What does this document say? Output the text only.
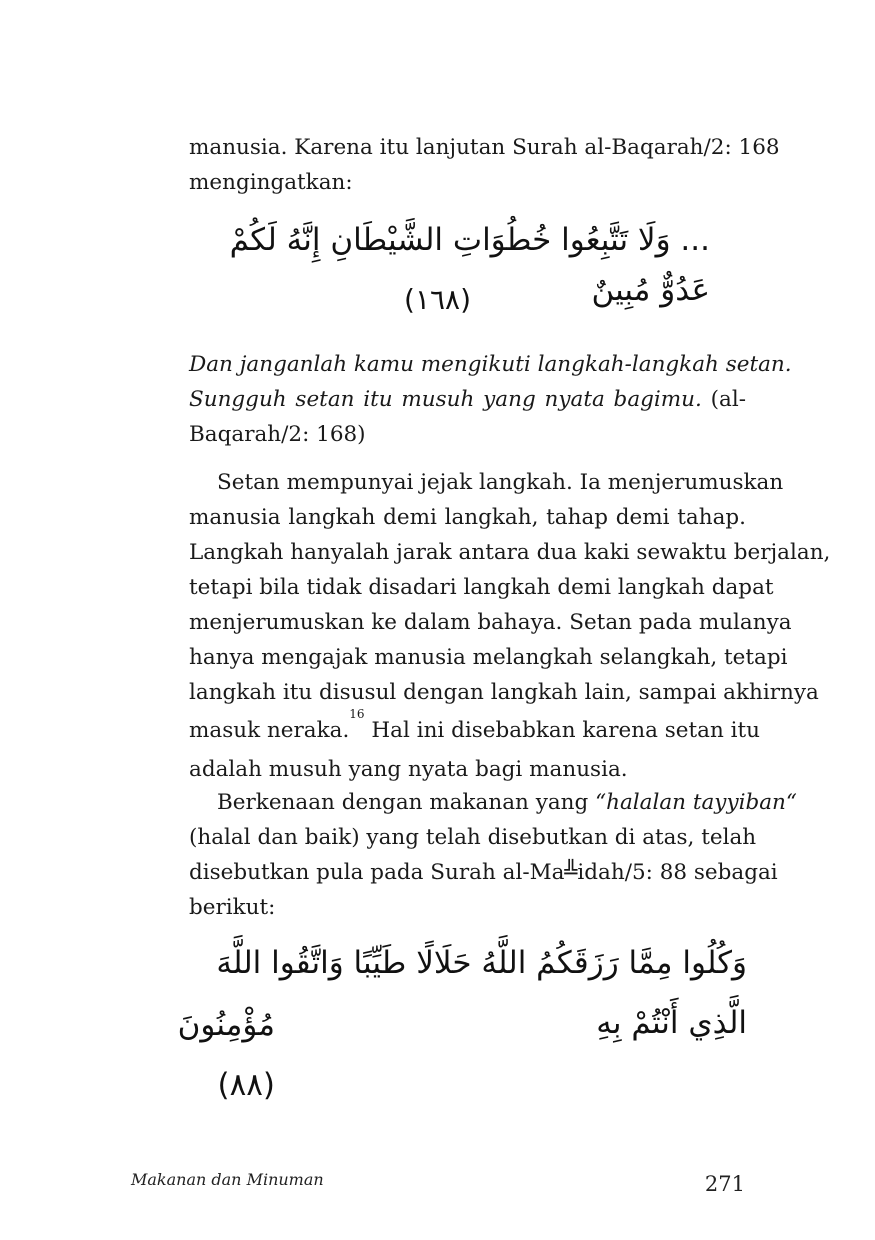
manusia. Karena itu lanjutan Surah al-Baqarah/2: 168
mengingatkan:
... وَلَا تَتَّبِعُوا خُطُوَاتِ الشَّيْطَانِ إِنَّهُ لَكُمْ عَدُوٌّ مُبِينٌ
(١٦٨)
Dan janganlah kamu mengikuti langkah-langkah setan.
Sungguh setan itu musuh yang nyata bagimu. (al-
Baqarah/2: 168)
Setan mempunyai jejak langkah. Ia menjerumuskan
manusia langkah demi langkah, tahap demi tahap.
Langkah hanyalah jarak antara dua kaki sewaktu berjalan,
tetapi bila tidak disadari langkah demi langkah dapat
menjerumuskan ke dalam bahaya. Setan pada mulanya
hanya mengajak manusia melangkah selangkah, tetapi
langkah itu disusul dengan langkah lain, sampai akhirnya
masuk neraka.$^{16}$ Hal ini disebabkan karena setan itu
adalah musuh yang nyata bagi manusia.
Berkenaan dengan makanan yang “halalan tayyiban“
(halal dan baik) yang telah disebutkan di atas, telah
disebutkan pula pada Surah al-Ma╩idah/5: 88 sebagai
berikut:
وَكُلُوا مِمَّا رَزَقَكُمُ اللَّهُ حَلَالًا طَيِّبًا وَاتَّقُوا اللَّهَ الَّذِي أَنْتُمْ بِهِ
مُؤْمِنُونَ (٨٨)
Makanan dan Minuman	271
